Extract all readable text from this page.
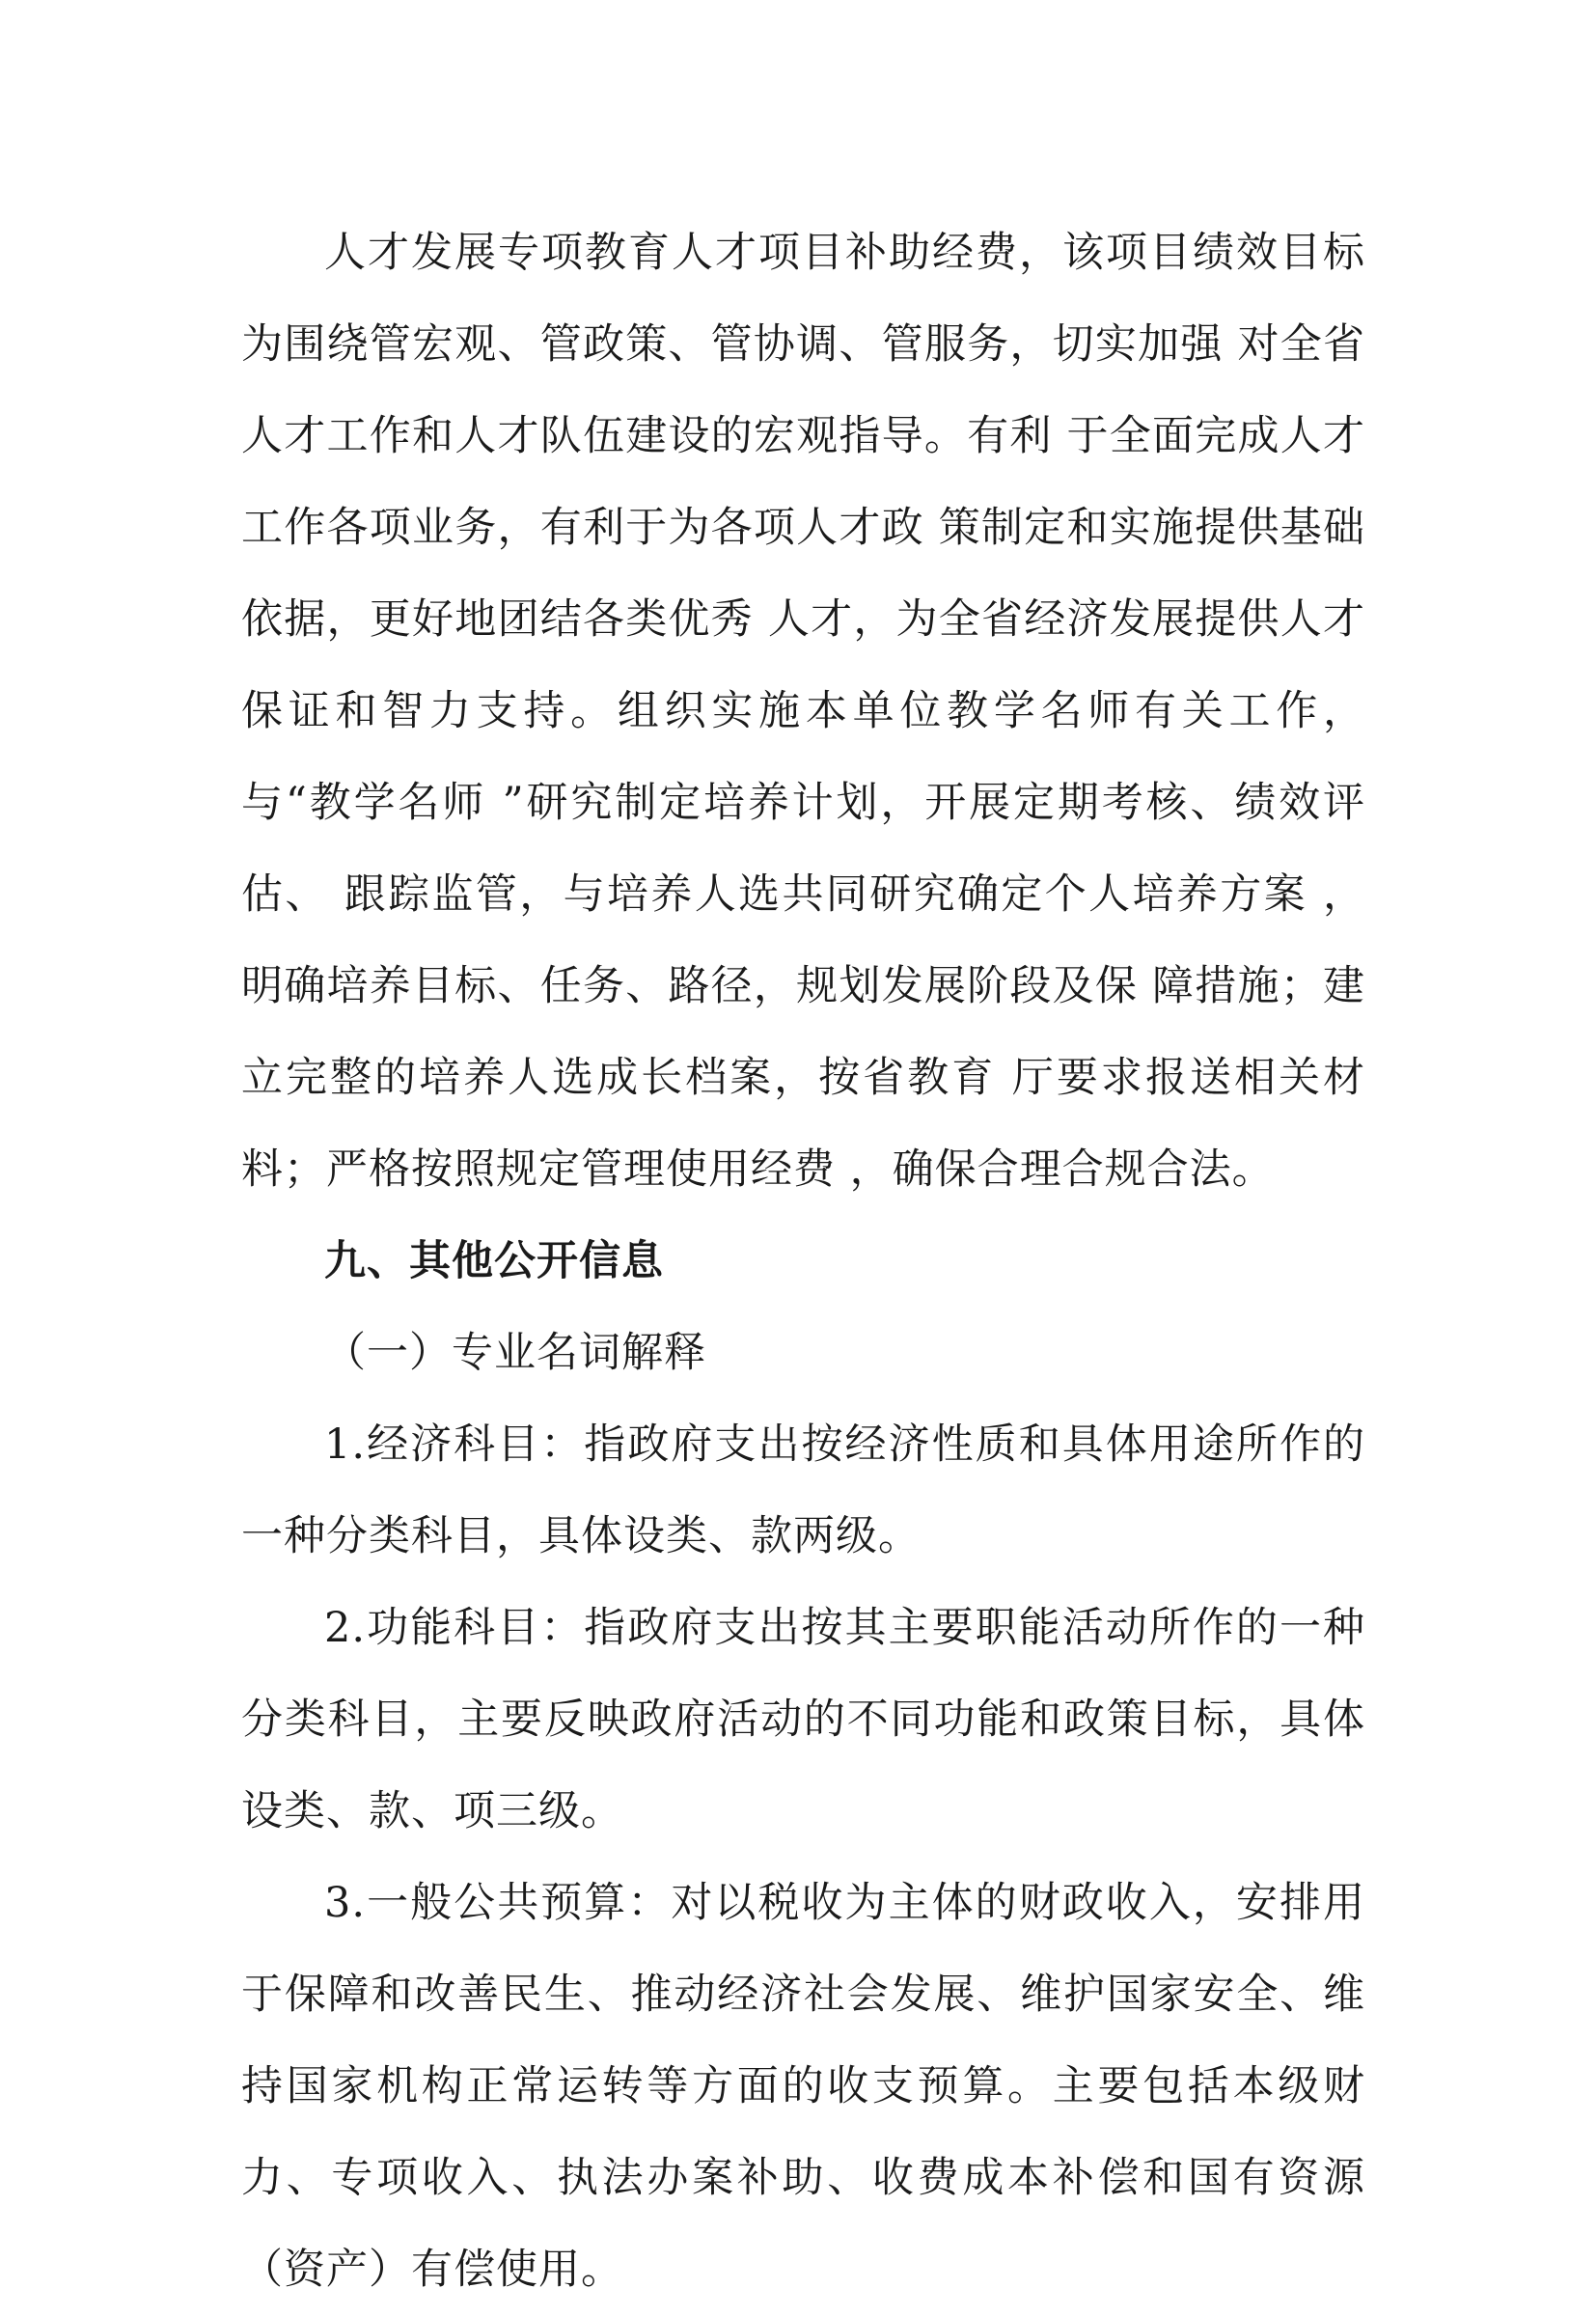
人才发展专项教育人才项目补助经费，该项目绩效目标为围绕管宏观、管政策、管协调、管服务，切实加强 对全省人才工作和人才队伍建设的宏观指导。有利 于全面完成人才工作各项业务，有利于为各项人才政 策制定和实施提供基础依据，更好地团结各类优秀 人才，为全省经济发展提供人才保证和智力支持。组织实施本单位教学名师有关工作，与“教学名师 ”研究制定培养计划，开展定期考核、绩效评估、 跟踪监管，与培养人选共同研究确定个人培养方案 ，明确培养目标、任务、路径，规划发展阶段及保 障措施；建立完整的培养人选成长档案，按省教育 厅要求报送相关材料；严格按照规定管理使用经费 ，确保合理合规合法。

九、其他公开信息

（一）专业名词解释

1.经济科目：指政府支出按经济性质和具体用途所作的一种分类科目，具体设类、款两级。

2.功能科目：指政府支出按其主要职能活动所作的一种分类科目，主要反映政府活动的不同功能和政策目标，具体设类、款、项三级。

3.一般公共预算：对以税收为主体的财政收入，安排用于保障和改善民生、推动经济社会发展、维护国家安全、维持国家机构正常运转等方面的收支预算。主要包括本级财力、专项收入、执法办案补助、收费成本补偿和国有资源（资产）有偿使用。
